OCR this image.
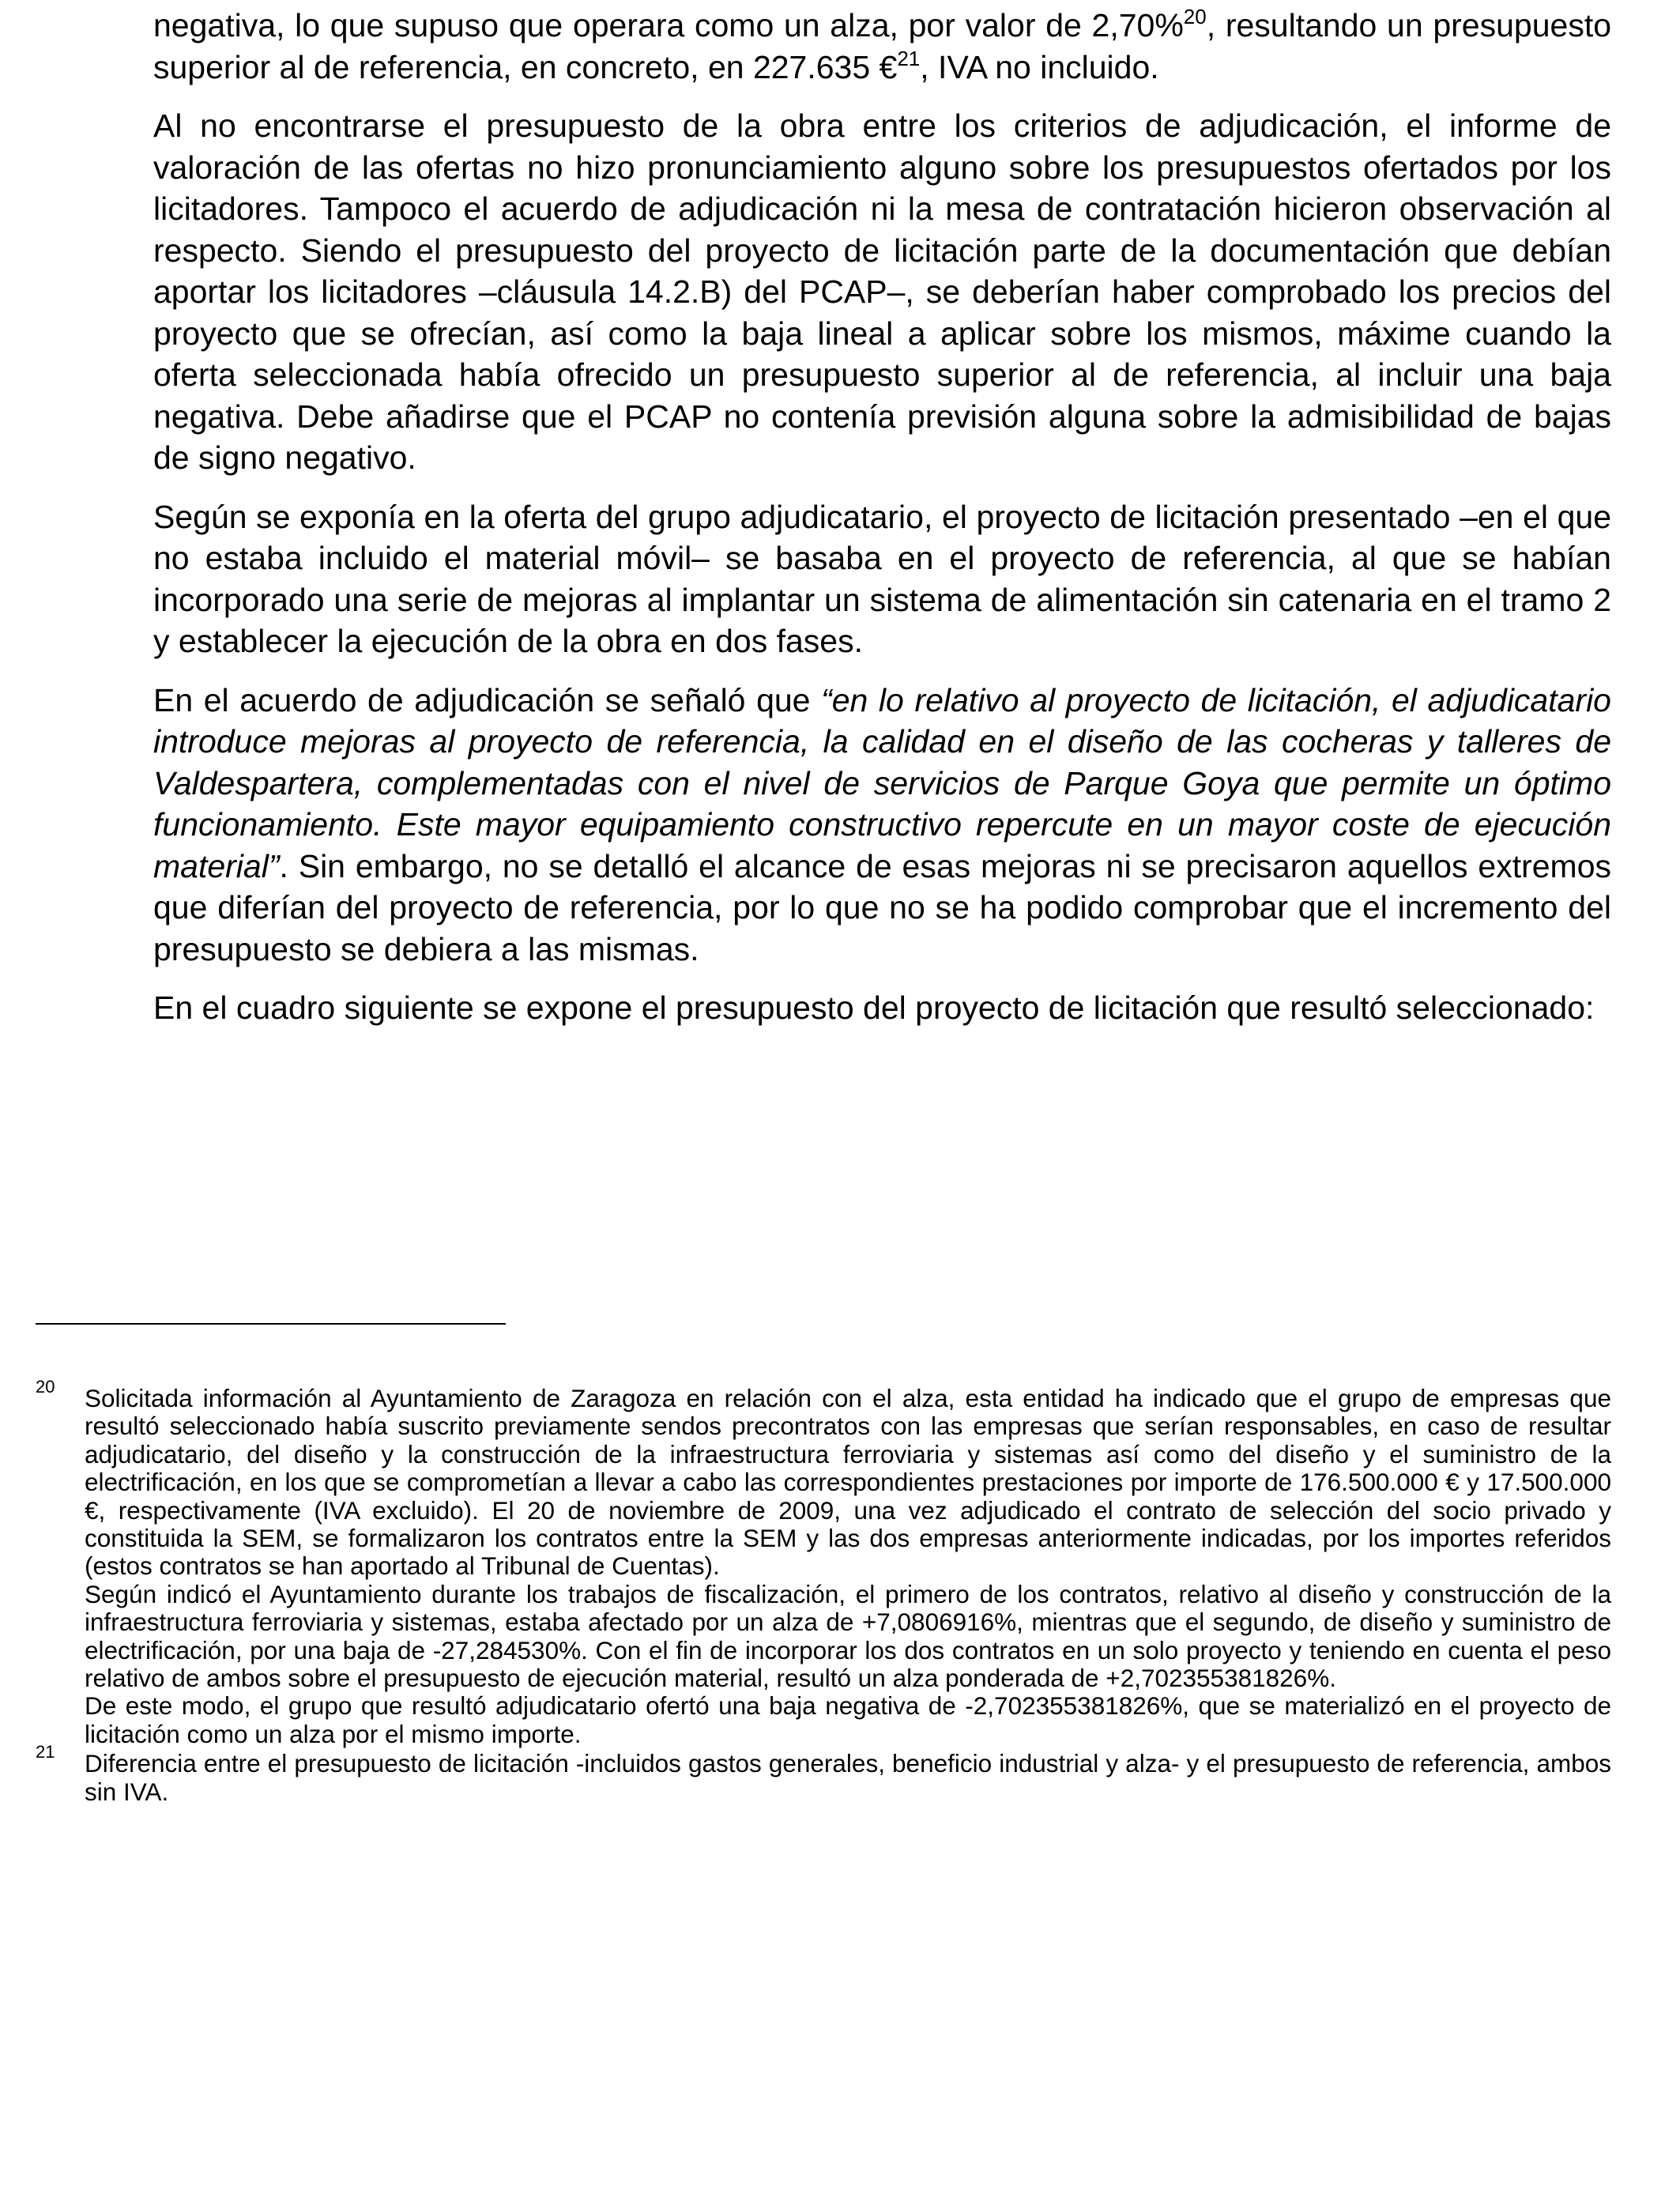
negativa, lo que supuso que operara como un alza, por valor de 2,70%$^{20}$, resultando un presupuesto superior al de referencia, en concreto, en 227.635 €$^{21}$, IVA no incluido.

Al no encontrarse el presupuesto de la obra entre los criterios de adjudicación, el informe de valoración de las ofertas no hizo pronunciamiento alguno sobre los presupuestos ofertados por los licitadores. Tampoco el acuerdo de adjudicación ni la mesa de contratación hicieron observación al respecto. Siendo el presupuesto del proyecto de licitación parte de la documentación que debían aportar los licitadores –cláusula 14.2.B) del PCAP–, se deberían haber comprobado los precios del proyecto que se ofrecían, así como la baja lineal a aplicar sobre los mismos, máxime cuando la oferta seleccionada había ofrecido un presupuesto superior al de referencia, al incluir una baja negativa. Debe añadirse que el PCAP no contenía previsión alguna sobre la admisibilidad de bajas de signo negativo.

Según se exponía en la oferta del grupo adjudicatario, el proyecto de licitación presentado –en el que no estaba incluido el material móvil– se basaba en el proyecto de referencia, al que se habían incorporado una serie de mejoras al implantar un sistema de alimentación sin catenaria en el tramo 2 y establecer la ejecución de la obra en dos fases.

En el acuerdo de adjudicación se señaló que “en lo relativo al proyecto de licitación, el adjudicatario introduce mejoras al proyecto de referencia, la calidad en el diseño de las cocheras y talleres de Valdespartera, complementadas con el nivel de servicios de Parque Goya que permite un óptimo funcionamiento. Este mayor equipamiento constructivo repercute en un mayor coste de ejecución material”. Sin embargo, no se detalló el alcance de esas mejoras ni se precisaron aquellos extremos que diferían del proyecto de referencia, por lo que no se ha podido comprobar que el incremento del presupuesto se debiera a las mismas.

En el cuadro siguiente se expone el presupuesto del proyecto de licitación que resultó seleccionado:

20 Solicitada información al Ayuntamiento de Zaragoza en relación con el alza, esta entidad ha indicado que el grupo de empresas que resultó seleccionado había suscrito previamente sendos precontratos con las empresas que serían responsables, en caso de resultar adjudicatario, del diseño y la construcción de la infraestructura ferroviaria y sistemas así como del diseño y el suministro de la electrificación, en los que se comprometían a llevar a cabo las correspondientes prestaciones por importe de 176.500.000 € y 17.500.000 €, respectivamente (IVA excluido). El 20 de noviembre de 2009, una vez adjudicado el contrato de selección del socio privado y constituida la SEM, se formalizaron los contratos entre la SEM y las dos empresas anteriormente indicadas, por los importes referidos (estos contratos se han aportado al Tribunal de Cuentas).

Según indicó el Ayuntamiento durante los trabajos de fiscalización, el primero de los contratos, relativo al diseño y construcción de la infraestructura ferroviaria y sistemas, estaba afectado por un alza de +7,0806916%, mientras que el segundo, de diseño y suministro de electrificación, por una baja de -27,284530%. Con el fin de incorporar los dos contratos en un solo proyecto y teniendo en cuenta el peso relativo de ambos sobre el presupuesto de ejecución material, resultó un alza ponderada de +2,702355381826%.

De este modo, el grupo que resultó adjudicatario ofertó una baja negativa de -2,702355381826%, que se materializó en el proyecto de licitación como un alza por el mismo importe.

21 Diferencia entre el presupuesto de licitación -incluidos gastos generales, beneficio industrial y alza- y el presupuesto de referencia, ambos sin IVA.
